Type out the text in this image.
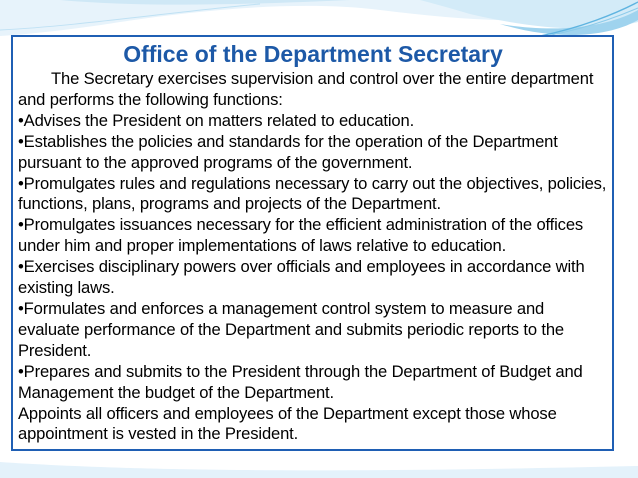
Office of the Department Secretary

The Secretary exercises supervision and control over the entire department and performs the following functions:

•Advises the President on matters related to education.

•Establishes the policies and standards for the operation of the Department pursuant to the approved programs of the government.

•Promulgates rules and regulations necessary to carry out the objectives, policies, functions, plans, programs and projects of the Department.

•Promulgates issuances necessary for the efficient administration of the offices under him and proper implementations of laws relative to education.

•Exercises disciplinary powers over officials and employees in accordance with existing laws.

•Formulates and enforces a management control system to measure and evaluate performance of the Department and submits periodic reports to the President.

•Prepares and submits to the President through the Department of Budget and Management the budget of the Department.

Appoints all officers and employees of the Department except those whose appointment is vested in the President.
